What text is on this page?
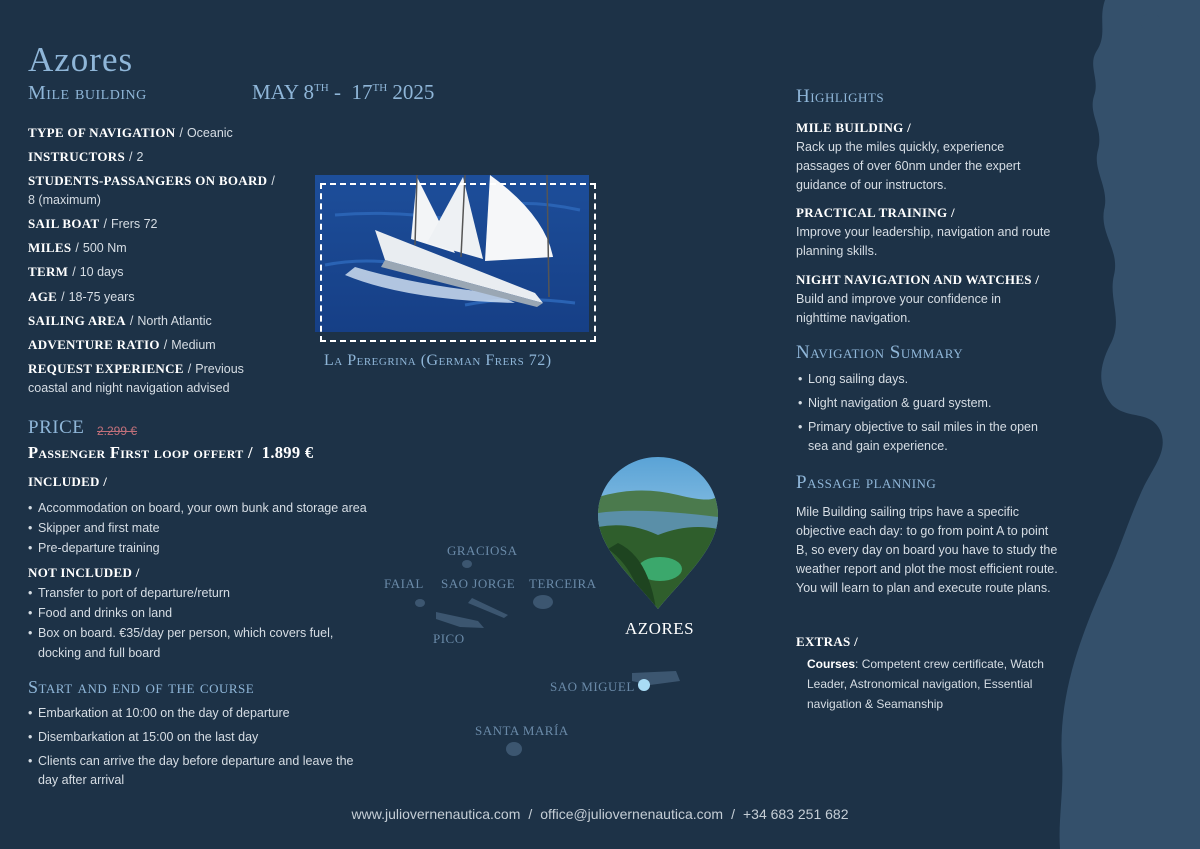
Azores
Mile building	MAY 8TH -  17TH 2025
TYPE OF NAVIGATION / Oceanic
INSTRUCTORS / 2
STUDENTS-PASSANGERS ON BOARD /
8 (maximum)
SAIL BOAT / Frers 72
MILES / 500 Nm
TERM / 10 days
AGE / 18-75 years
SAILING AREA / North Atlantic
ADVENTURE RATIO / Medium
REQUEST EXPERIENCE / Previous coastal and night navigation advised
La Peregrina (German Frers 72)
PRICE 2.299 €
Passenger First loop offert /  1.899 €
INCLUDED /
• Accommodation on board, your own bunk and storage area
• Skipper and first mate
• Pre-departure training
NOT INCLUDED /
• Transfer to port of departure/return
• Food and drinks on land
• Box on board. €35/day per person, which covers fuel, docking and full board
Start and end of the course
• Embarkation at 10:00 on the day of departure
• Disembarkation at 15:00 on the last day
• Clients can arrive the day before departure and leave the day after arrival
GRACIOSA
FAIAL SAO JORGE TERCEIRA
PICO
SAO MIGUEL
SANTA MARÍA
AZORES
Highlights
MILE BUILDING /
Rack up the miles quickly, experience passages of over 60nm under the expert guidance of our instructors.
PRACTICAL TRAINING /
Improve your leadership, navigation and route planning skills.
NIGHT NAVIGATION AND WATCHES /
Build and improve your confidence in nighttime navigation.
Navigation Summary
• Long sailing days.
• Night navigation & guard system.
• Primary objective to sail miles in the open sea and gain experience.
Passage planning
Mile Building sailing trips have a specific objective each day: to go from point A to point B, so every day on board you have to study the weather report and plot the most efficient route. You will learn to plan and execute route plans.
EXTRAS /
Courses: Competent crew certificate, Watch Leader, Astronomical navigation, Essential navigation & Seamanship
www.juliovernenautica.com / office@juliovernenautica.com / +34 683 251 682
